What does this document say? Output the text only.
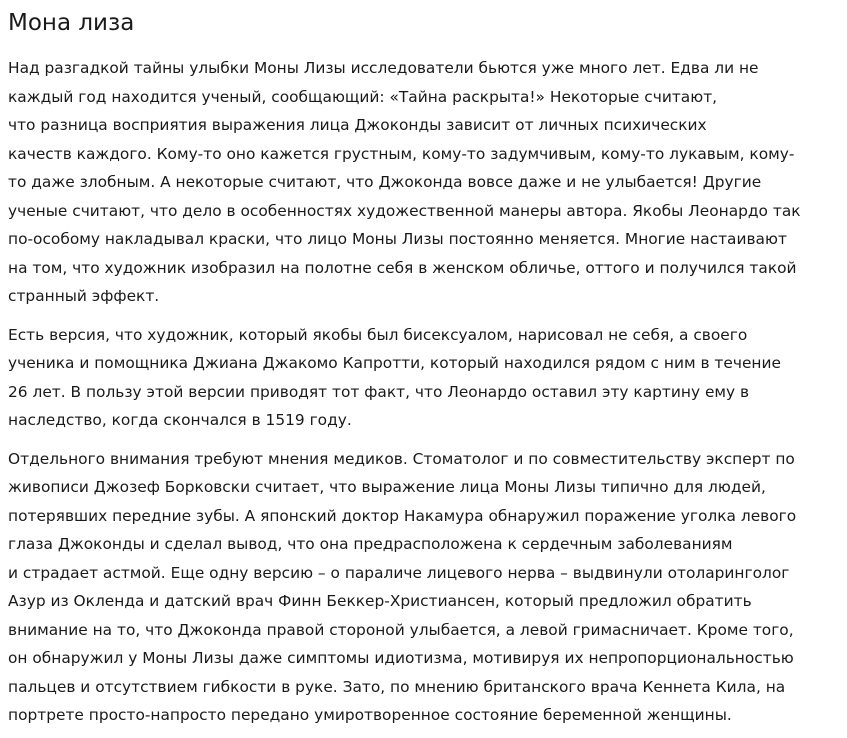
Мона лиза

Над разгадкой тайны улыбки Моны Лизы исследователи бьются уже много лет. Едва ли не
каждый год находится ученый, сообщающий: «Тайна раскрыта!» Некоторые считают,
что разница восприятия выражения лица Джоконды зависит от личных психических
качеств каждого. Кому-то оно кажется грустным, кому-то задумчивым, кому-то лукавым, кому-
то даже злобным. А некоторые считают, что Джоконда вовсе даже и не улыбается! Другие
ученые считают, что дело в особенностях художественной манеры автора. Якобы Леонардо так
по-особому накладывал краски, что лицо Моны Лизы постоянно меняется. Многие настаивают
на том, что художник изобразил на полотне себя в женском обличье, оттого и получился такой
странный эффект.

Есть версия, что художник, который якобы был бисексуалом, нарисовал не себя, а своего
ученика и помощника Джиана Джакомо Капротти, который находился рядом с ним в течение
26 лет. В пользу этой версии приводят тот факт, что Леонардо оставил эту картину ему в
наследство, когда скончался в 1519 году.

Отдельного внимания требуют мнения медиков. Стоматолог и по совместительству эксперт по
живописи Джозеф Борковски считает, что выражение лица Моны Лизы типично для людей,
потерявших передние зубы. А японский доктор Накамура обнаружил поражение уголка левого
глаза Джоконды и сделал вывод, что она предрасположена к сердечным заболеваниям
и страдает астмой. Еще одну версию – о параличе лицевого нерва – выдвинули отоларинголог
Азур из Окленда и датский врач Финн Беккер-Христиансен, который предложил обратить
внимание на то, что Джоконда правой стороной улыбается, а левой гримасничает. Кроме того,
он обнаружил у Моны Лизы даже симптомы идиотизма, мотивируя их непропорциональностью
пальцев и отсутствием гибкости в руке. Зато, по мнению британского врача Кеннета Кила, на
портрете просто-напросто передано умиротворенное состояние беременной женщины.
